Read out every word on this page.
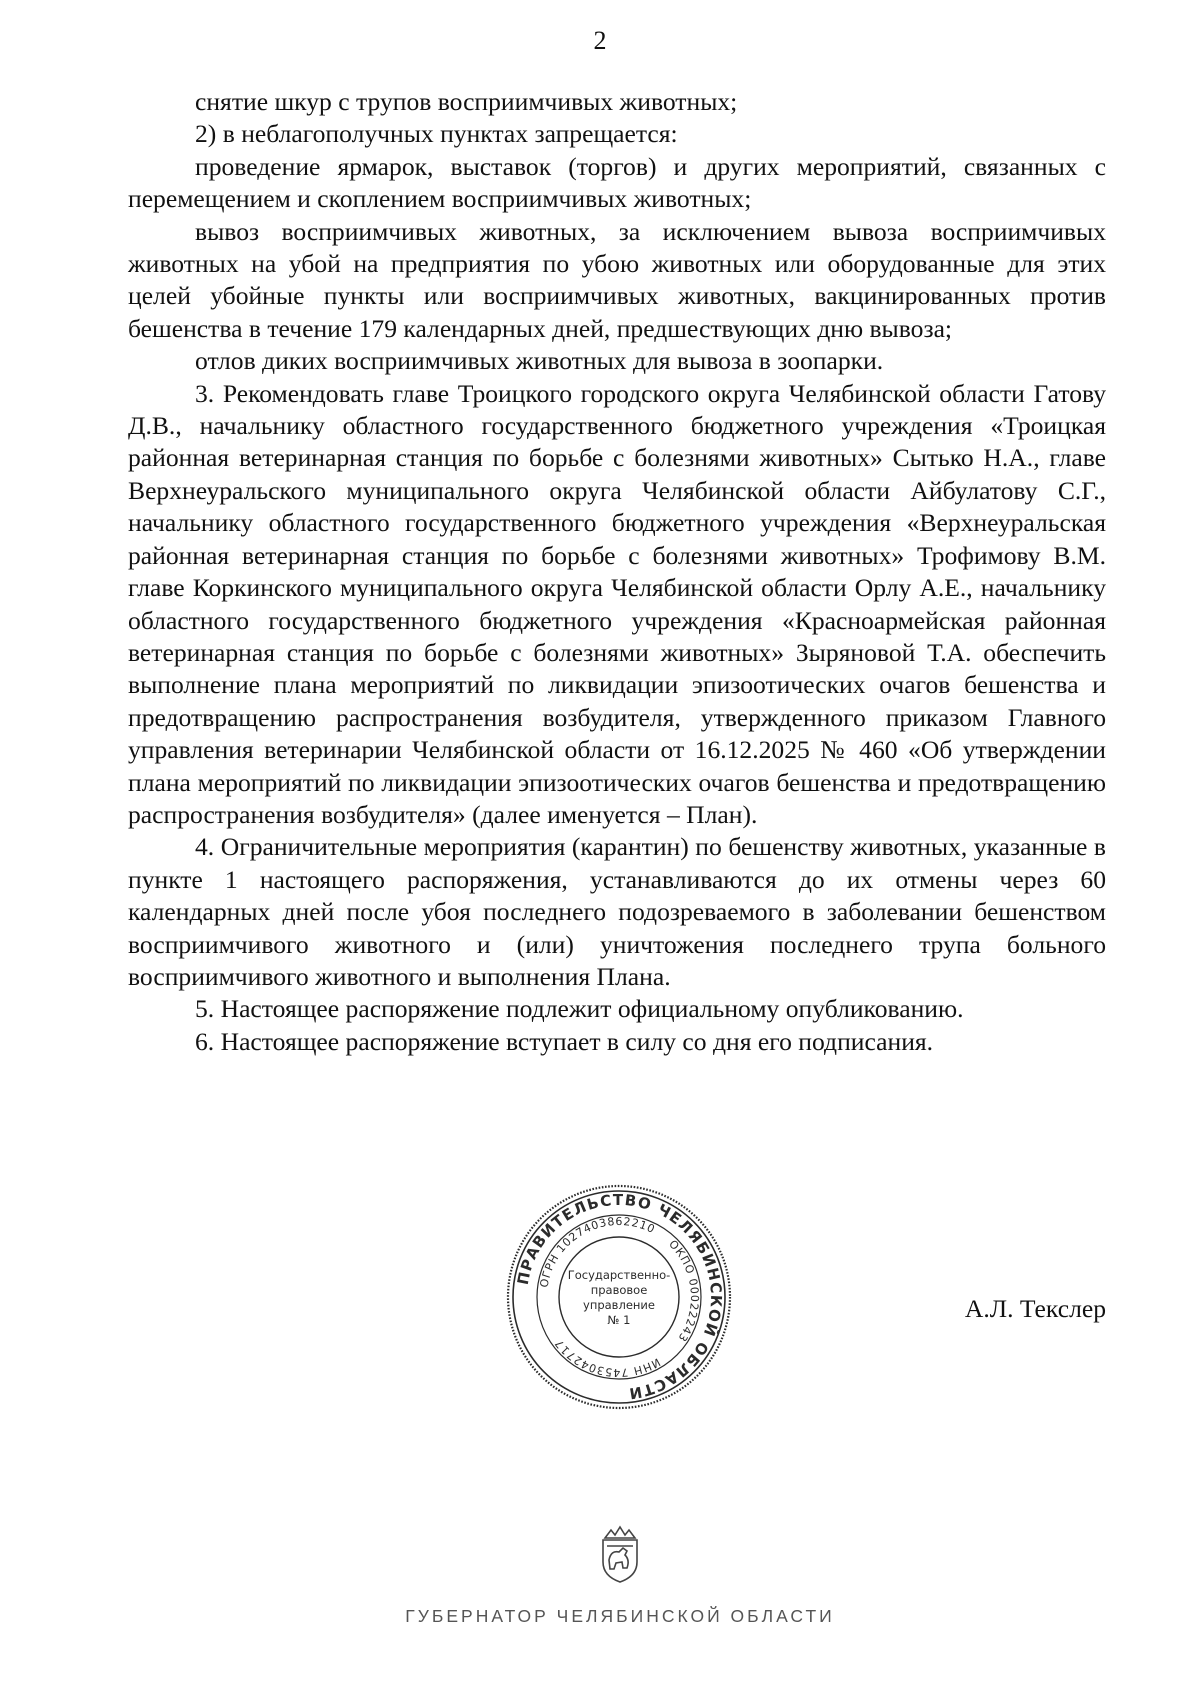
2

снятие шкур с трупов восприимчивых животных;

2) в неблагополучных пунктах запрещается:

проведение ярмарок, выставок (торгов) и других мероприятий, связанных с перемещением и скоплением восприимчивых животных;

вывоз восприимчивых животных, за исключением вывоза восприимчивых животных на убой на предприятия по убою животных или оборудованные для этих целей убойные пункты или восприимчивых животных, вакцинированных против бешенства в течение 179 календарных дней, предшествующих дню вывоза;

отлов диких восприимчивых животных для вывоза в зоопарки.

3. Рекомендовать главе Троицкого городского округа Челябинской области Гатову Д.В., начальнику областного государственного бюджетного учреждения «Троицкая районная ветеринарная станция по борьбе с болезнями животных» Сытько Н.А., главе Верхнеуральского муниципального округа Челябинской области Айбулатову С.Г., начальнику областного государственного бюджетного учреждения «Верхнеуральская районная ветеринарная станция по борьбе с болезнями животных» Трофимову В.М. главе Коркинского муниципального округа Челябинской области Орлу А.Е., начальнику областного государственного бюджетного учреждения «Красноармейская районная ветеринарная станция по борьбе с болезнями животных» Зыряновой Т.А. обеспечить выполнение плана мероприятий по ликвидации эпизоотических очагов бешенства и предотвращению распространения возбудителя, утвержденного приказом Главного управления ветеринарии Челябинской области от 16.12.2025 № 460 «Об утверждении плана мероприятий по ликвидации эпизоотических очагов бешенства и предотвращению распространения возбудителя» (далее именуется – План).

4. Ограничительные мероприятия (карантин) по бешенству животных, указанные в пункте 1 настоящего распоряжения, устанавливаются до их отмены через 60 календарных дней после убоя последнего подозреваемого в заболевании бешенством восприимчивого животного и (или) уничтожения последнего трупа больного восприимчивого животного и выполнения Плана.

5. Настоящее распоряжение подлежит официальному опубликованию.

6. Настоящее распоряжение вступает в силу со дня его подписания.

ПРАВИТЕЛЬСТВО ЧЕЛЯБИНСКОЙ ОБЛАСТИ
ОГРН 1027403862210
ОКПО 00022243
ИНН 7453042717
Государственно-
правовое
управление
№ 1	А.Л. Текслер
ГУБЕРНАТОР ЧЕЛЯБИНСКОЙ ОБЛАСТИ
